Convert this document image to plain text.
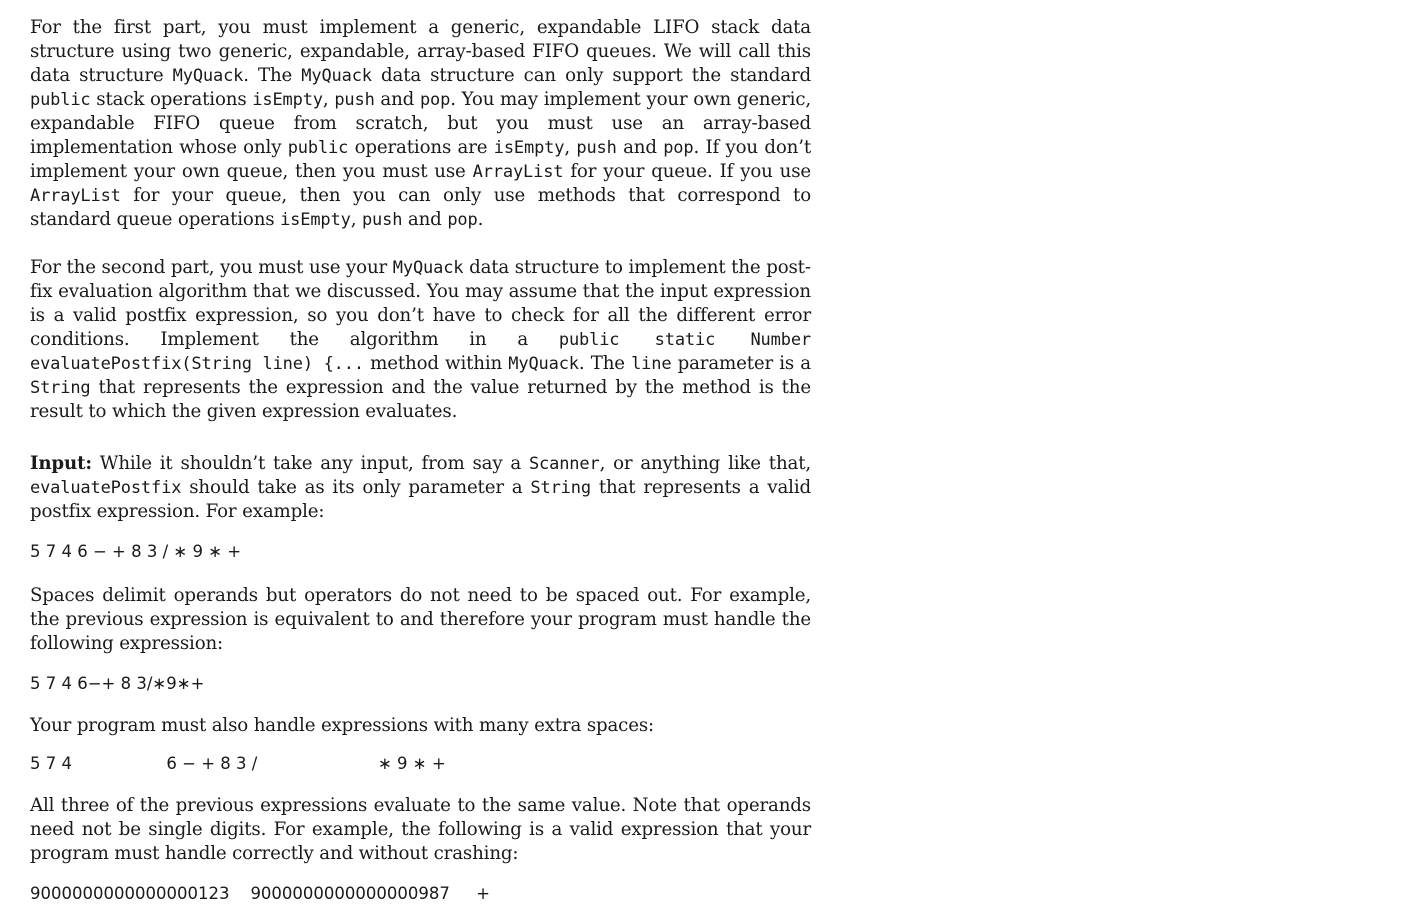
For the first part, you must implement a generic, expandable LIFO stack data structure using two generic, expandable, array-based FIFO queues. We will call this data structure MyQuack. The MyQuack data structure can only support the standard public stack operations isEmpty, push and pop. You may implement your own generic, expandable FIFO queue from scratch, but you must use an array-based implementation whose only public operations are isEmpty, push and pop. If you don’t implement your own queue, then you must use ArrayList for your queue. If you use ArrayList for your queue, then you can only use methods that correspond to standard queue operations isEmpty, push and pop.

For the second part, you must use your MyQuack data structure to implement the postfix evaluation algorithm that we discussed. You may assume that the input expression is a valid postfix expression, so you don’t have to check for all the different error conditions. Implement the algorithm in a public static Number evaluatePostfix(String line) {... method within MyQuack. The line parameter is a String that represents the expression and the value returned by the method is the result to which the given expression evaluates.

Input: While it shouldn’t take any input, from say a Scanner, or anything like that, evaluatePostfix should take as its only parameter a String that represents a valid postfix expression. For example:

5 7 4 6 − + 8 3 / ∗ 9 ∗ +

Spaces delimit operands but operators do not need to be spaced out. For example, the previous expression is equivalent to and therefore your program must handle the following expression:

5 7 4 6−+ 8 3/∗9∗+

Your program must also handle expressions with many extra spaces:

5 7 4                  6 − + 8 3 /                       ∗ 9 ∗ +

All three of the previous expressions evaluate to the same value. Note that operands need not be single digits. For example, the following is a valid expression that your program must handle correctly and without crashing:

9000000000000000123    9000000000000000987     +
